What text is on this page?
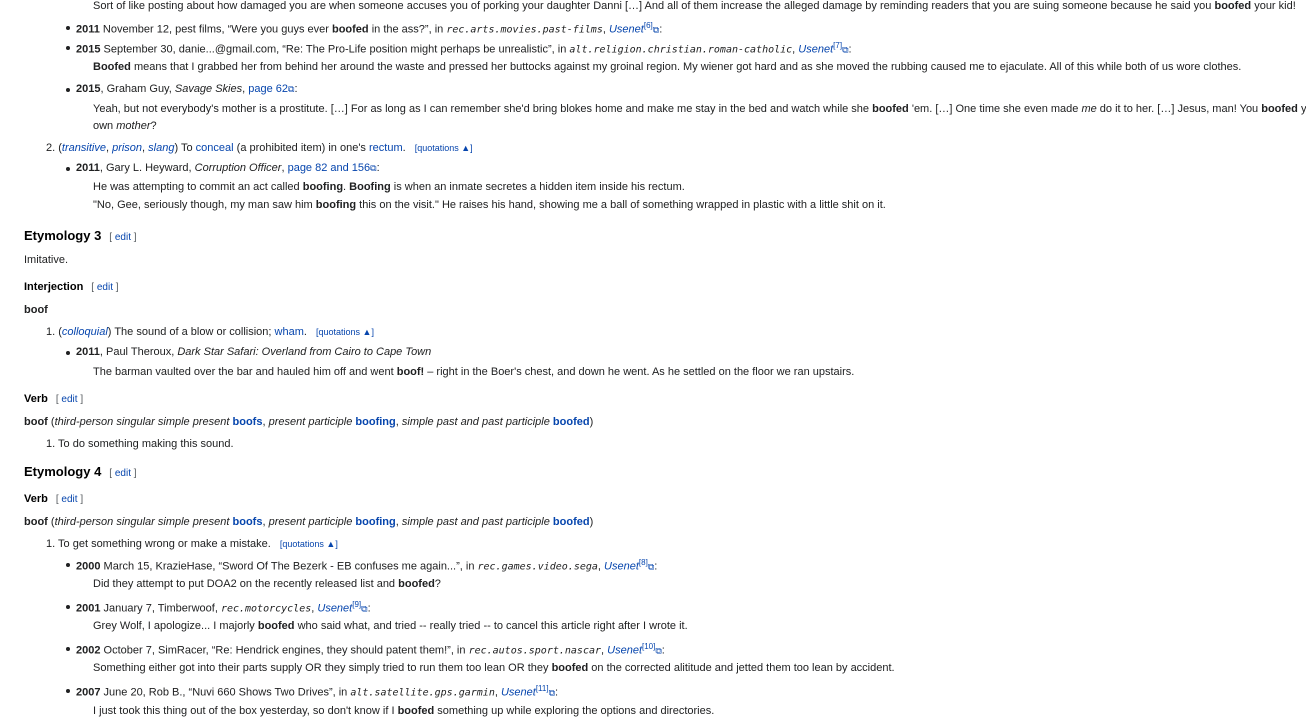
Sort of like posting about how damaged you are when someone accuses you of porking your daughter Danni […] And all of them increase the alleged damage by reminding readers that you are suing someone because he said you boofed your kid!
2011 November 12, pest films, “Were you guys ever boofed in the ass?”, in rec.arts.movies.past-films, Usenet[6]⧉:
2015 September 30, danie...@gmail.com, “Re: The Pro-Life position might perhaps be unrealistic”, in alt.religion.christian.roman-catholic, Usenet[7]⧉:
Boofed means that I grabbed her from behind her around the waste and pressed her buttocks against my groinal region. My wiener got hard and as she moved the rubbing caused me to ejaculate. All of this while both of us wore clothes.
2015, Graham Guy, Savage Skies, page 62⧉:
Yeah, but not everybody's mother is a prostitute. […] For as long as I can remember she'd bring blokes home and make me stay in the bed and watch while she boofed 'em. […] One time she even made me do it to her. […] Jesus, man! You boofed y
own mother?
2. (transitive, prison, slang) To conceal (a prohibited item) in one's rectum. [quotations ▲]
2011, Gary L. Heyward, Corruption Officer, page 82 and 156⧉:
He was attempting to commit an act called boofing. Boofing is when an inmate secretes a hidden item inside his rectum.
"No, Gee, seriously though, my man saw him boofing this on the visit." He raises his hand, showing me a ball of something wrapped in plastic with a little shit on it.
Etymology 3 [ edit ]
Imitative.
Interjection [ edit ]
boof
1. (colloquial) The sound of a blow or collision; wham. [quotations ▲]
2011, Paul Theroux, Dark Star Safari: Overland from Cairo to Cape Town
The barman vaulted over the bar and hauled him off and went boof! – right in the Boer's chest, and down he went. As he settled on the floor we ran upstairs.
Verb [ edit ]
boof (third-person singular simple present boofs, present participle boofing, simple past and past participle boofed)
1. To do something making this sound.
Etymology 4 [ edit ]
Verb [ edit ]
boof (third-person singular simple present boofs, present participle boofing, simple past and past participle boofed)
1. To get something wrong or make a mistake. [quotations ▲]
2000 March 15, KrazieHase, “Sword Of The Bezerk - EB confuses me again...”, in rec.games.video.sega, Usenet[8]⧉:
Did they attempt to put DOA2 on the recently released list and boofed?
2001 January 7, Timberwoof, rec.motorcycles, Usenet[9]⧉:
Grey Wolf, I apologize... I majorly boofed who said what, and tried -- really tried -- to cancel this article right after I wrote it.
2002 October 7, SimRacer, “Re: Hendrick engines, they should patent them!”, in rec.autos.sport.nascar, Usenet[10]⧉:
Something either got into their parts supply OR they simply tried to run them too lean OR they boofed on the corrected alititude and jetted them too lean by accident.
2007 June 20, Rob B., “Nuvi 660 Shows Two Drives”, in alt.satellite.gps.garmin, Usenet[11]⧉:
I just took this thing out of the box yesterday, so don't know if I boofed something up while exploring the options and directories.
